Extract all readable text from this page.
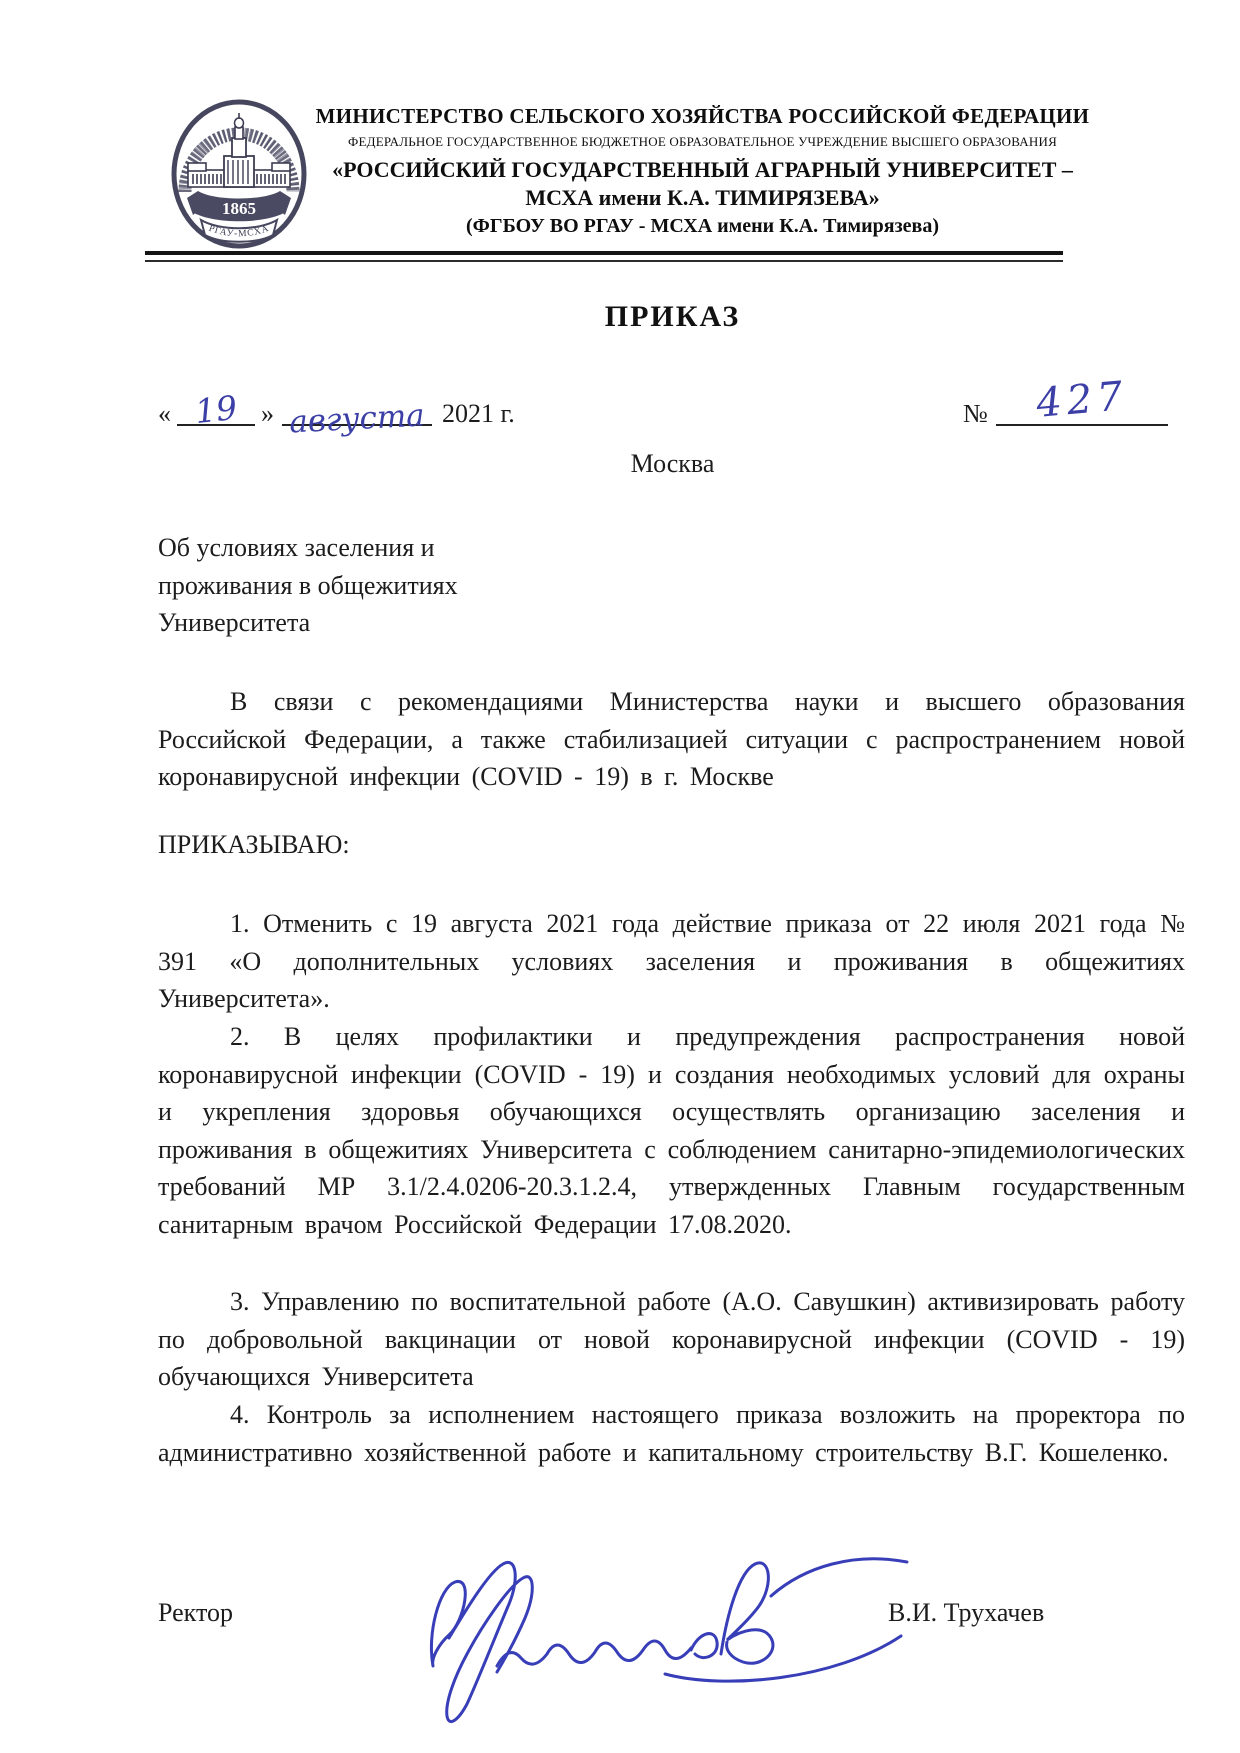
1865
РГАУ-МСХА
МИНИСТЕРСТВО СЕЛЬСКОГО ХОЗЯЙСТВА РОССИЙСКОЙ ФЕДЕРАЦИИ
ФЕДЕРАЛЬНОЕ ГОСУДАРСТВЕННОЕ БЮДЖЕТНОЕ ОБРАЗОВАТЕЛЬНОЕ УЧРЕЖДЕНИЕ ВЫСШЕГО ОБРАЗОВАНИЯ
«РОССИЙСКИЙ ГОСУДАРСТВЕННЫЙ АГРАРНЫЙ УНИВЕРСИТЕТ –
МСХА имени К.А. ТИМИРЯЗЕВА»
(ФГБОУ ВО РГАУ - МСХА имени К.А. Тимирязева)
ПРИКАЗ
« 19 » августа 2021 г.	№ 427
Москва
Об условиях заселения и
проживания в общежитиях
Университета

В связи с рекомендациями Министерства науки и высшего образования Российской Федерации, а также стабилизацией ситуации с распространением новой коронавирусной инфекции (COVID - 19) в г. Москве

ПРИКАЗЫВАЮ:

1. Отменить с 19 августа 2021 года действие приказа от 22 июля 2021 года № 391 «О дополнительных условиях заселения и проживания в общежитиях Университета».

2. В целях профилактики и предупреждения распространения новой коронавирусной инфекции (COVID - 19) и создания необходимых условий для охраны и укрепления здоровья обучающихся осуществлять организацию заселения и проживания в общежитиях Университета с соблюдением санитарно-эпидемиологических требований МР 3.1/2.4.0206-20.3.1.2.4, утвержденных Главным государственным санитарным врачом Российской Федерации 17.08.2020.

3. Управлению по воспитательной работе (А.О. Савушкин) активизировать работу по добровольной вакцинации от новой коронавирусной инфекции (COVID - 19) обучающихся Университета

4. Контроль за исполнением настоящего приказа возложить на проректора по административно хозяйственной работе и капитальному строительству В.Г. Кошеленко.

Ректор	В.И. Трухачев
